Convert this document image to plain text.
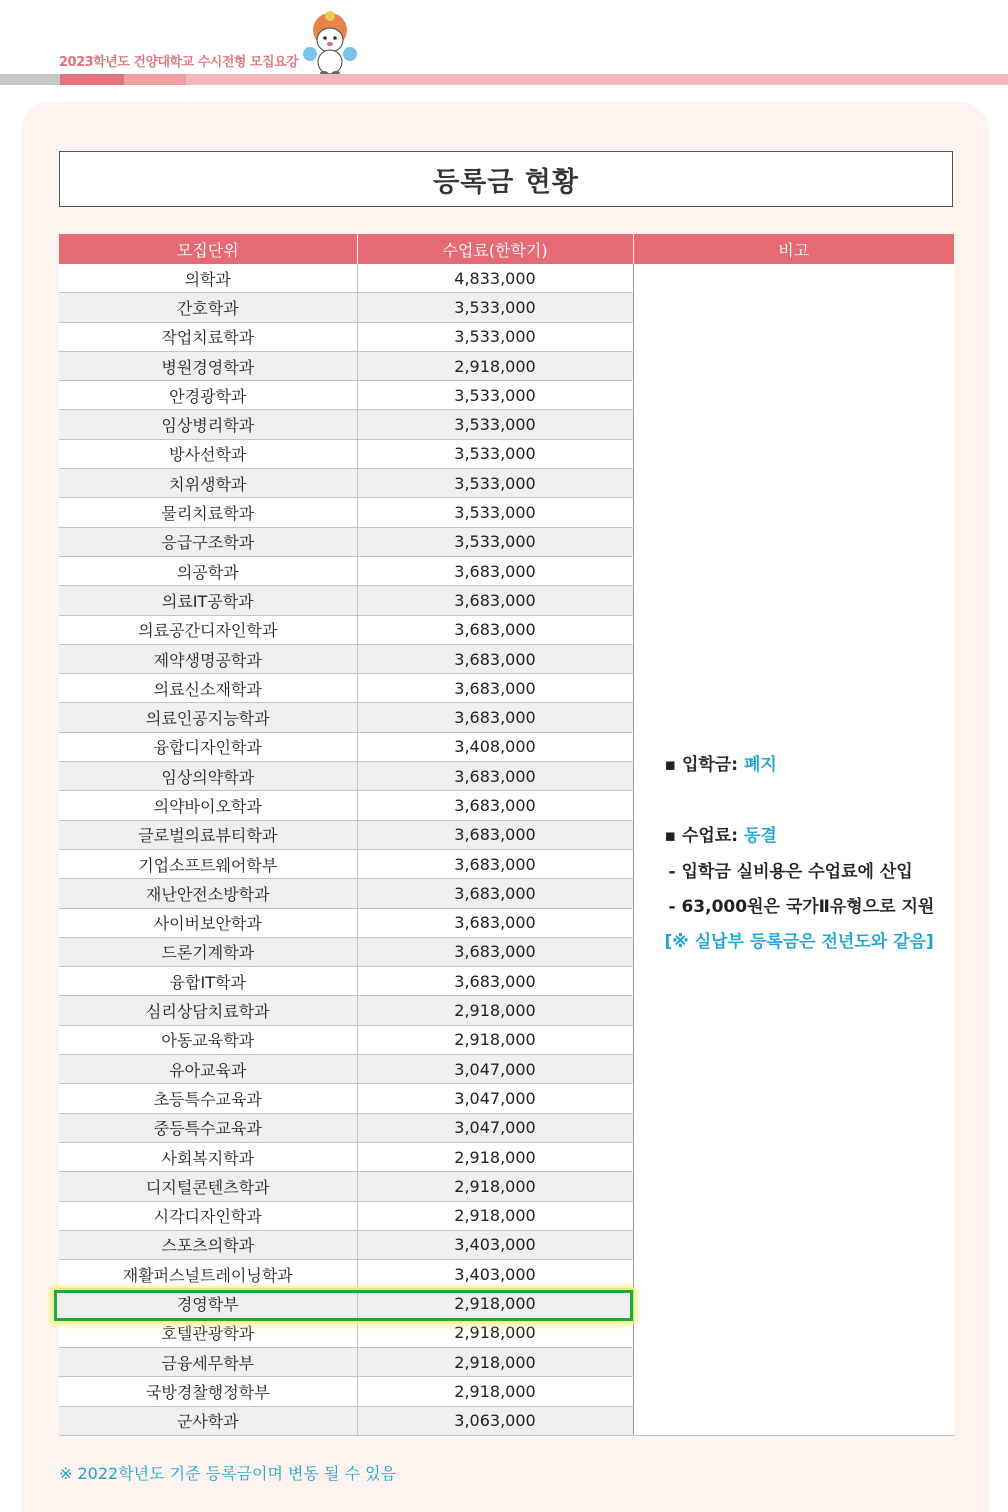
2023학년도 건양대학교 수시전형 모집요강
등록금 현황
모집단위	수업료(한학기)	비고
의학과	4,833,000	▪ 입학금: 폐지
▪ 수업료: 동결
- 입학금 실비용은 수업료에 산입
- 63,000원은 국가Ⅱ유형으로 지원
[※ 실납부 등록금은 전년도와 같음]

간호학과	3,533,000	
작업치료학과	3,533,000	
병원경영학과	2,918,000	
안경광학과	3,533,000	
임상병리학과	3,533,000	
방사선학과	3,533,000	
치위생학과	3,533,000	
물리치료학과	3,533,000	
응급구조학과	3,533,000	
의공학과	3,683,000	
의료IT공학과	3,683,000	
의료공간디자인학과	3,683,000	
제약생명공학과	3,683,000	
의료신소재학과	3,683,000	
의료인공지능학과	3,683,000	
융합디자인학과	3,408,000	
임상의약학과	3,683,000	
의약바이오학과	3,683,000	
글로벌의료뷰티학과	3,683,000	
기업소프트웨어학부	3,683,000	
재난안전소방학과	3,683,000	
사이버보안학과	3,683,000	
드론기계학과	3,683,000	
융합IT학과	3,683,000	
심리상담치료학과	2,918,000	
아동교육학과	2,918,000	
유아교육과	3,047,000	
초등특수교육과	3,047,000	
중등특수교육과	3,047,000	
사회복지학과	2,918,000	
디지털콘텐츠학과	2,918,000	
시각디자인학과	2,918,000	
스포츠의학과	3,403,000	
재활퍼스널트레이닝학과	3,403,000	
경영학부	2,918,000	
호텔관광학과	2,918,000	
금융세무학부	2,918,000	
국방경찰행정학부	2,918,000	
군사학과	3,063,000	
※ 2022학년도 기준 등록금이며 변동 될 수 있음
